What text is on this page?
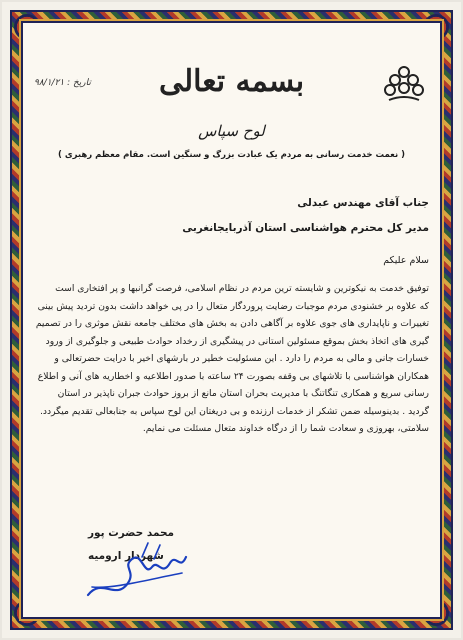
بسمه تعالی
تاریخ : ۹۸/۱/۲۱
لوح سپاس
( نعمت خدمت رسانی به مردم یک عبادت بزرگ و سنگین است. مقام معظم رهبری )
جناب آقای مهندس عبدلی
مدیر کل محترم هواشناسی استان آذربایجانغربی
سلام علیکم

توفیق خدمت به نیکوترین و شایسته ترین مردم در نظام اسلامی، فرصت گرانبها و پر افتخاری است

که علاوه بر خشنودی مردم موجبات رضایت پروردگار متعال را در پی خواهد داشت بدون تردید پیش بینی

تغییرات و ناپایداری های جوی علاوه بر آگاهی دادن به بخش های مختلف جامعه نقش موثری را در تصمیم

گیری های اتخاذ بخش بموقع مسئولین استانی در پیشگیری از رخداد حوادث طبیعی و جلوگیری از ورود

خسارات جانی و مالی به مردم را دارد . این مسئولیت خطیر در بارشهای اخیر با درایت حضرتعالی و

همکاران هواشناسی با تلاشهای بی وقفه بصورت ۲۴ ساعته با صدور اطلاعیه و اخطاریه های آنی و اطلاع

رسانی سریع و همکاری تنگاتنگ با مدیریت بحران استان مانع از بروز حوادث جبران ناپذیر در استان

گردید . بدینوسیله ضمن تشکر از خدمات ارزنده و بی دریغتان این لوح سپاس به جنابعالی تقدیم میگردد.

سلامتی، بهروزی و سعادت شما را از درگاه خداوند متعال مسئلت می نمایم.

محمد حضرت پور
شهردار ارومیه
